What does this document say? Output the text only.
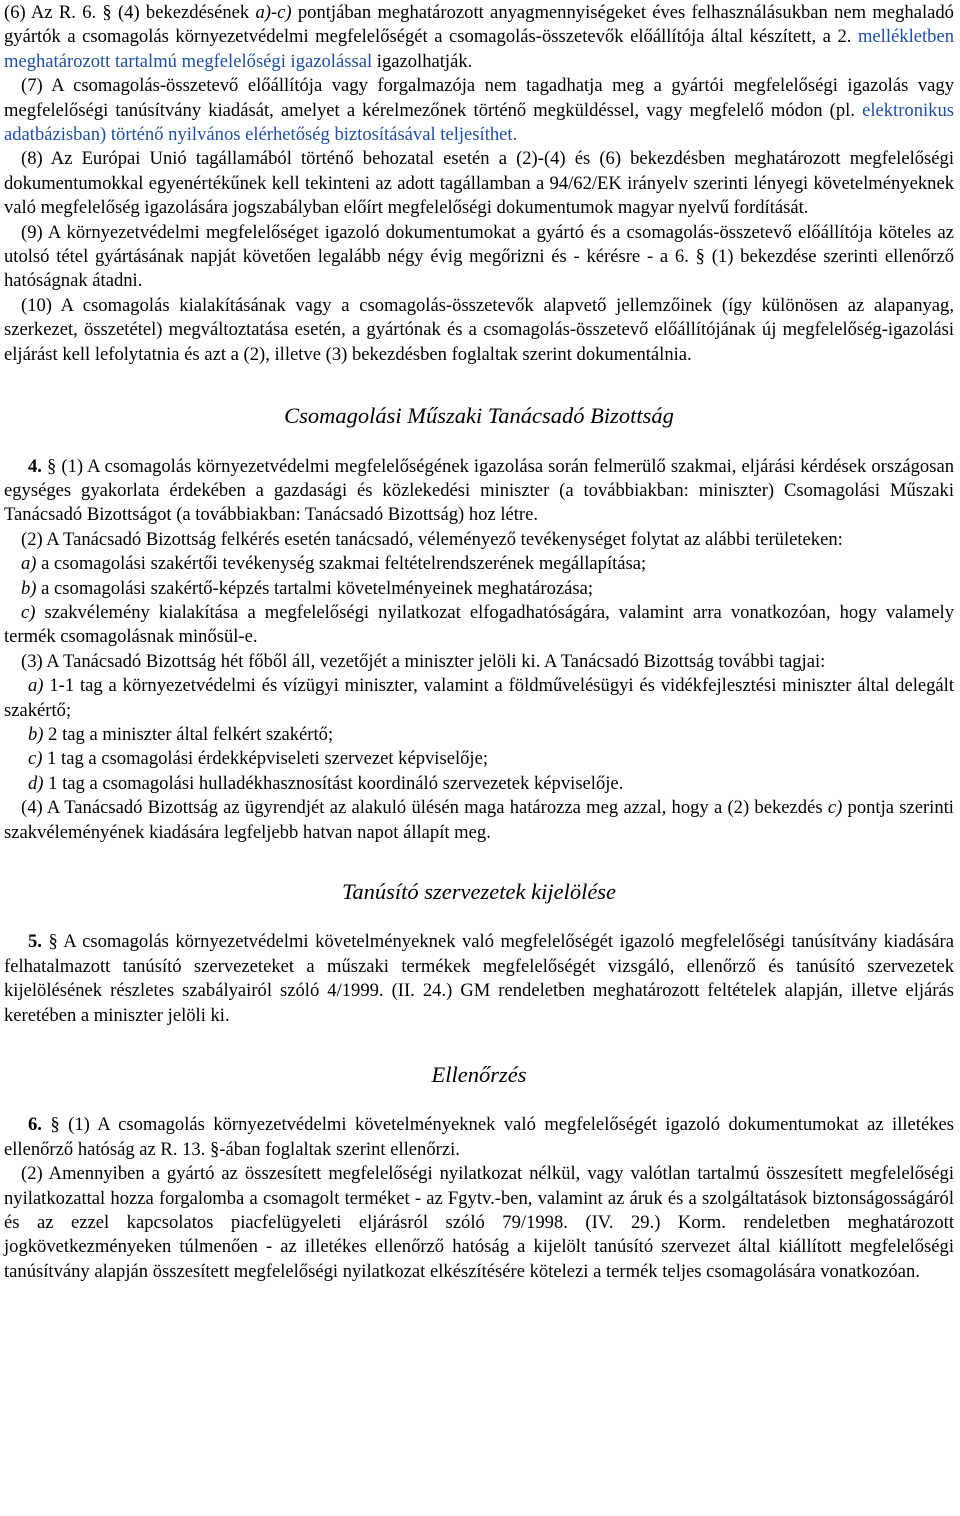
(6) Az R. 6. § (4) bekezdésének a)-c) pontjában meghatározott anyagmennyiségeket éves felhasználásukban nem meghaladó gyártók a csomagolás környezetvédelmi megfelelőségét a csomagolás-összetevők előállítója által készített, a 2. mellékletben meghatározott tartalmú megfelelőségi igazolással igazolhatják.

(7) A csomagolás-összetevő előállítója vagy forgalmazója nem tagadhatja meg a gyártói megfelelőségi igazolás vagy megfelelőségi tanúsítvány kiadását, amelyet a kérelmezőnek történő megküldéssel, vagy megfelelő módon (pl. elektronikus adatbázisban) történő nyilvános elérhetőség biztosításával teljesíthet.

(8) Az Európai Unió tagállamából történő behozatal esetén a (2)-(4) és (6) bekezdésben meghatározott megfelelőségi dokumentumokkal egyenértékűnek kell tekinteni az adott tagállamban a 94/62/EK irányelv szerinti lényegi követelményeknek való megfelelőség igazolására jogszabályban előírt megfelelőségi dokumentumok magyar nyelvű fordítását.

(9) A környezetvédelmi megfelelőséget igazoló dokumentumokat a gyártó és a csomagolás-összetevő előállítója köteles az utolsó tétel gyártásának napját követően legalább négy évig megőrizni és - kérésre - a 6. § (1) bekezdése szerinti ellenőrző hatóságnak átadni.

(10) A csomagolás kialakításának vagy a csomagolás-összetevők alapvető jellemzőinek (így különösen az alapanyag, szerkezet, összetétel) megváltoztatása esetén, a gyártónak és a csomagolás-összetevő előállítójának új megfelelőség-igazolási eljárást kell lefolytatnia és azt a (2), illetve (3) bekezdésben foglaltak szerint dokumentálnia.

Csomagolási Műszaki Tanácsadó Bizottság

4. § (1) A csomagolás környezetvédelmi megfelelőségének igazolása során felmerülő szakmai, eljárási kérdések országosan egységes gyakorlata érdekében a gazdasági és közlekedési miniszter (a továbbiakban: miniszter) Csomagolási Műszaki Tanácsadó Bizottságot (a továbbiakban: Tanácsadó Bizottság) hoz létre.

(2) A Tanácsadó Bizottság felkérés esetén tanácsadó, véleményező tevékenységet folytat az alábbi területeken:

a) a csomagolási szakértői tevékenység szakmai feltételrendszerének megállapítása;

b) a csomagolási szakértő-képzés tartalmi követelményeinek meghatározása;

c) szakvélemény kialakítása a megfelelőségi nyilatkozat elfogadhatóságára, valamint arra vonatkozóan, hogy valamely termék csomagolásnak minősül-e.

(3) A Tanácsadó Bizottság hét főből áll, vezetőjét a miniszter jelöli ki. A Tanácsadó Bizottság további tagjai:

a) 1-1 tag a környezetvédelmi és vízügyi miniszter, valamint a földművelésügyi és vidékfejlesztési miniszter által delegált szakértő;

b) 2 tag a miniszter által felkért szakértő;

c) 1 tag a csomagolási érdekképviseleti szervezet képviselője;

d) 1 tag a csomagolási hulladékhasznosítást koordináló szervezetek képviselője.

(4) A Tanácsadó Bizottság az ügyrendjét az alakuló ülésén maga határozza meg azzal, hogy a (2) bekezdés c) pontja szerinti szakvéleményének kiadására legfeljebb hatvan napot állapít meg.

Tanúsító szervezetek kijelölése

5. § A csomagolás környezetvédelmi követelményeknek való megfelelőségét igazoló megfelelőségi tanúsítvány kiadására felhatalmazott tanúsító szervezeteket a műszaki termékek megfelelőségét vizsgáló, ellenőrző és tanúsító szervezetek kijelölésének részletes szabályairól szóló 4/1999. (II. 24.) GM rendeletben meghatározott feltételek alapján, illetve eljárás keretében a miniszter jelöli ki.

Ellenőrzés

6. § (1) A csomagolás környezetvédelmi követelményeknek való megfelelőségét igazoló dokumentumokat az illetékes ellenőrző hatóság az R. 13. §-ában foglaltak szerint ellenőrzi.

(2) Amennyiben a gyártó az összesített megfelelőségi nyilatkozat nélkül, vagy valótlan tartalmú összesített megfelelőségi nyilatkozattal hozza forgalomba a csomagolt terméket - az Fgytv.-ben, valamint az áruk és a szolgáltatások biztonságosságáról és az ezzel kapcsolatos piacfelügyeleti eljárásról szóló 79/1998. (IV. 29.) Korm. rendeletben meghatározott jogkövetkezményeken túlmenően - az illetékes ellenőrző hatóság a kijelölt tanúsító szervezet által kiállított megfelelőségi tanúsítvány alapján összesített megfelelőségi nyilatkozat elkészítésére kötelezi a termék teljes csomagolására vonatkozóan.
